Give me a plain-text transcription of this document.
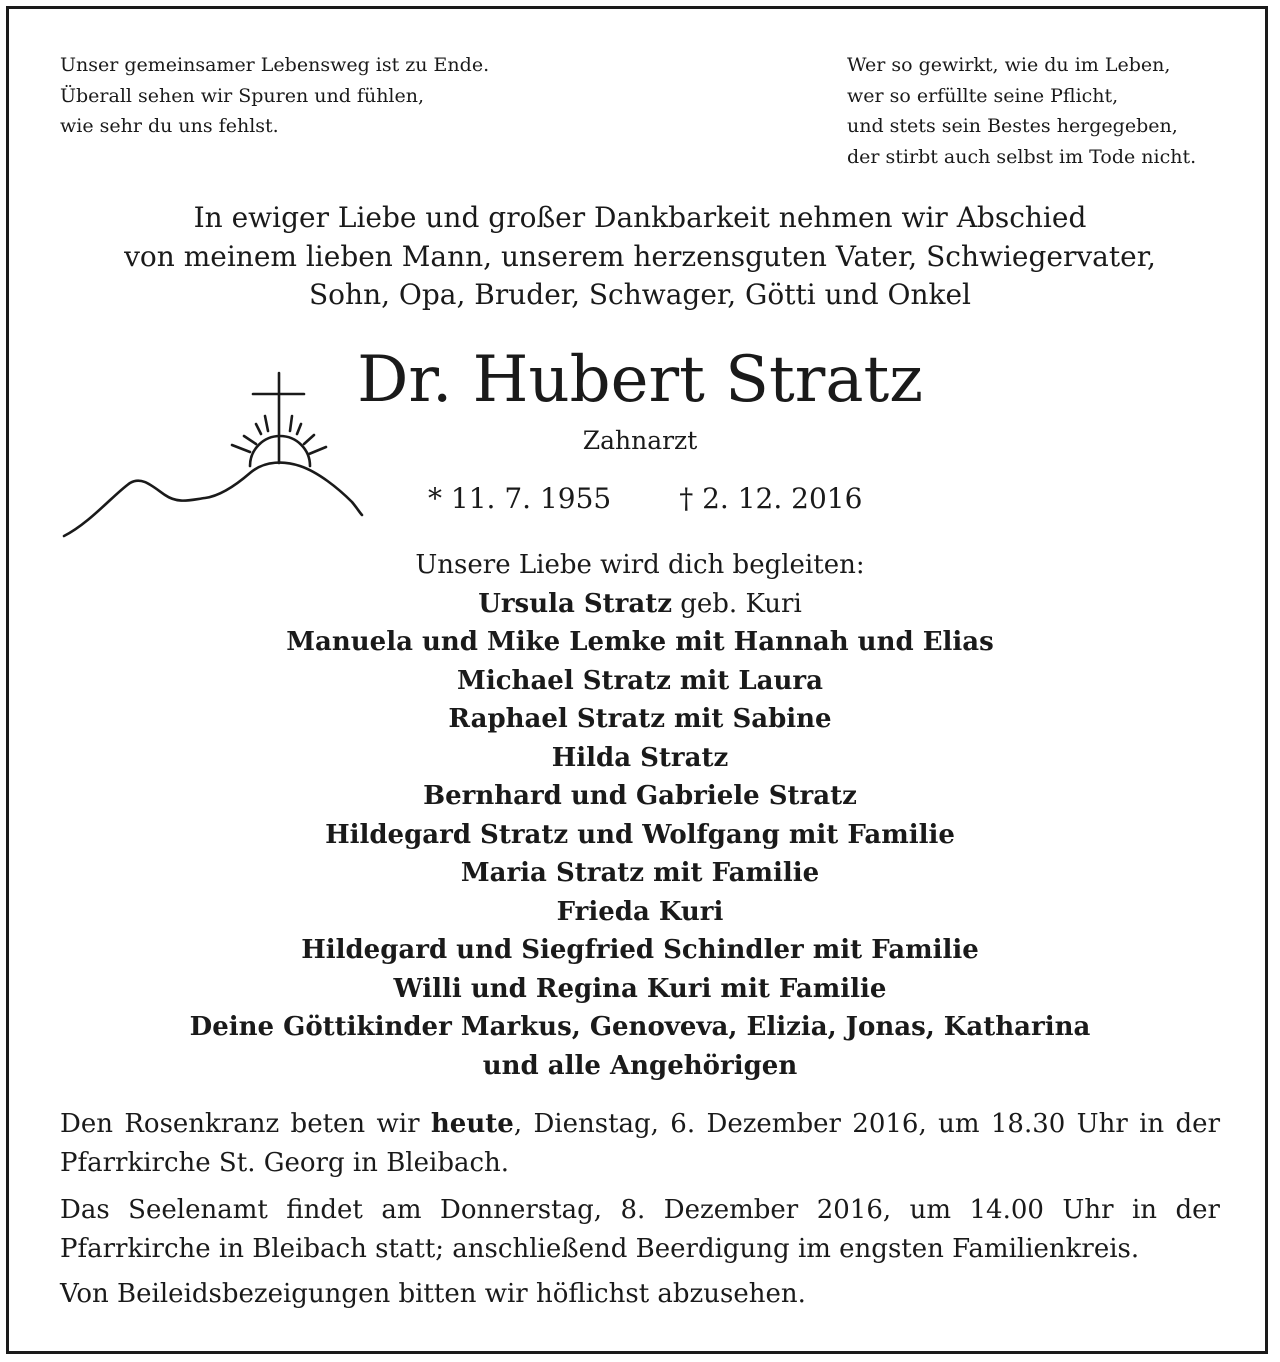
Unser gemeinsamer Lebensweg ist zu Ende.
Überall sehen wir Spuren und fühlen,
wie sehr du uns fehlst.
Wer so gewirkt, wie du im Leben,
wer so erfüllte seine Pflicht,
und stets sein Bestes hergegeben,
der stirbt auch selbst im Tode nicht.
In ewiger Liebe und großer Dankbarkeit nehmen wir Abschied
von meinem lieben Mann, unserem herzensguten Vater, Schwiegervater,
Sohn, Opa, Bruder, Schwager, Götti und Onkel
Dr. Hubert Stratz
Zahnarzt
* 11. 7. 1955 † 2. 12. 2016
Unsere Liebe wird dich begleiten:
Ursula Stratz geb. Kuri
Manuela und Mike Lemke mit Hannah und Elias
Michael Stratz mit Laura
Raphael Stratz mit Sabine
Hilda Stratz
Bernhard und Gabriele Stratz
Hildegard Stratz und Wolfgang mit Familie
Maria Stratz mit Familie
Frieda Kuri
Hildegard und Siegfried Schindler mit Familie
Willi und Regina Kuri mit Familie
Deine Göttikinder Markus, Genoveva, Elizia, Jonas, Katharina
und alle Angehörigen

Den Rosenkranz beten wir heute, Dienstag, 6. Dezember 2016, um 18.30 Uhr in der Pfarrkirche St. Georg in Bleibach.

Das Seelenamt findet am Donnerstag, 8. Dezember 2016, um 14.00 Uhr in der Pfarrkirche in Bleibach statt; anschließend Beerdigung im engsten Familienkreis.

Von Beileidsbezeigungen bitten wir höflichst abzusehen.
